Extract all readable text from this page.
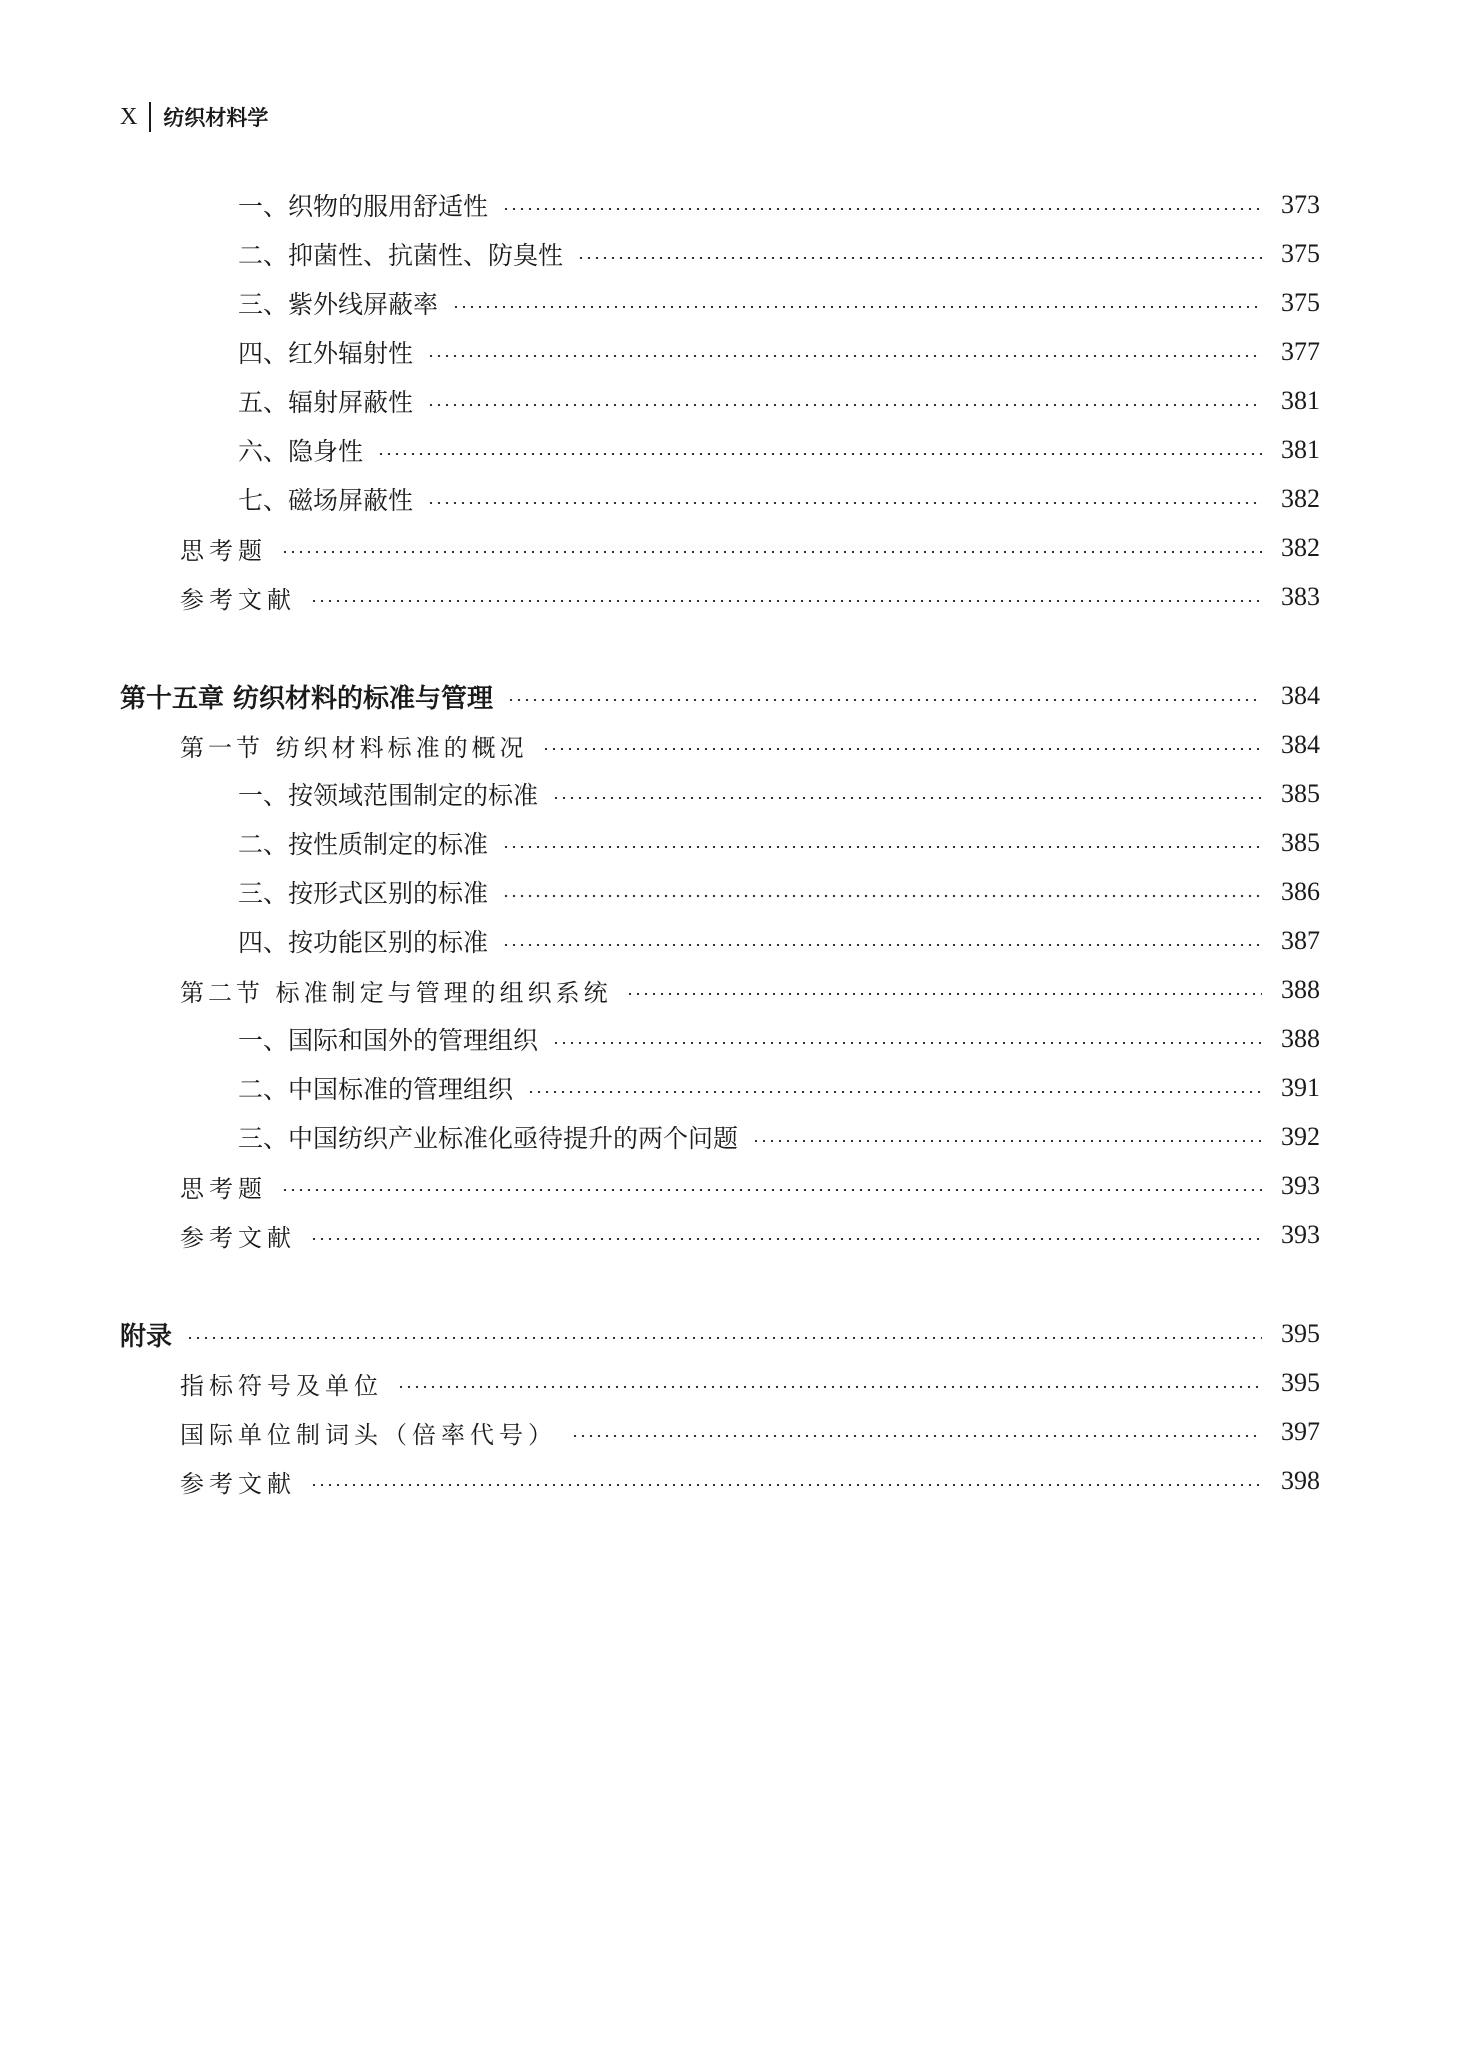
X 纺织材料学
一、织物的服用舒适性	373
二、抑菌性、抗菌性、防臭性	375
三、紫外线屏蔽率	375
四、红外辐射性	377
五、辐射屏蔽性	381
六、隐身性	381
七、磁场屏蔽性	382
思考题	382
参考文献	383
第十五章 纺织材料的标准与管理	384
第一节 纺织材料标准的概况	384
一、按领域范围制定的标准	385
二、按性质制定的标准	385
三、按形式区别的标准	386
四、按功能区别的标准	387
第二节 标准制定与管理的组织系统	388
一、国际和国外的管理组织	388
二、中国标准的管理组织	391
三、中国纺织产业标准化亟待提升的两个问题	392
思考题	393
参考文献	393
附录	395
指标符号及单位	395
国际单位制词头（倍率代号）	397
参考文献	398
